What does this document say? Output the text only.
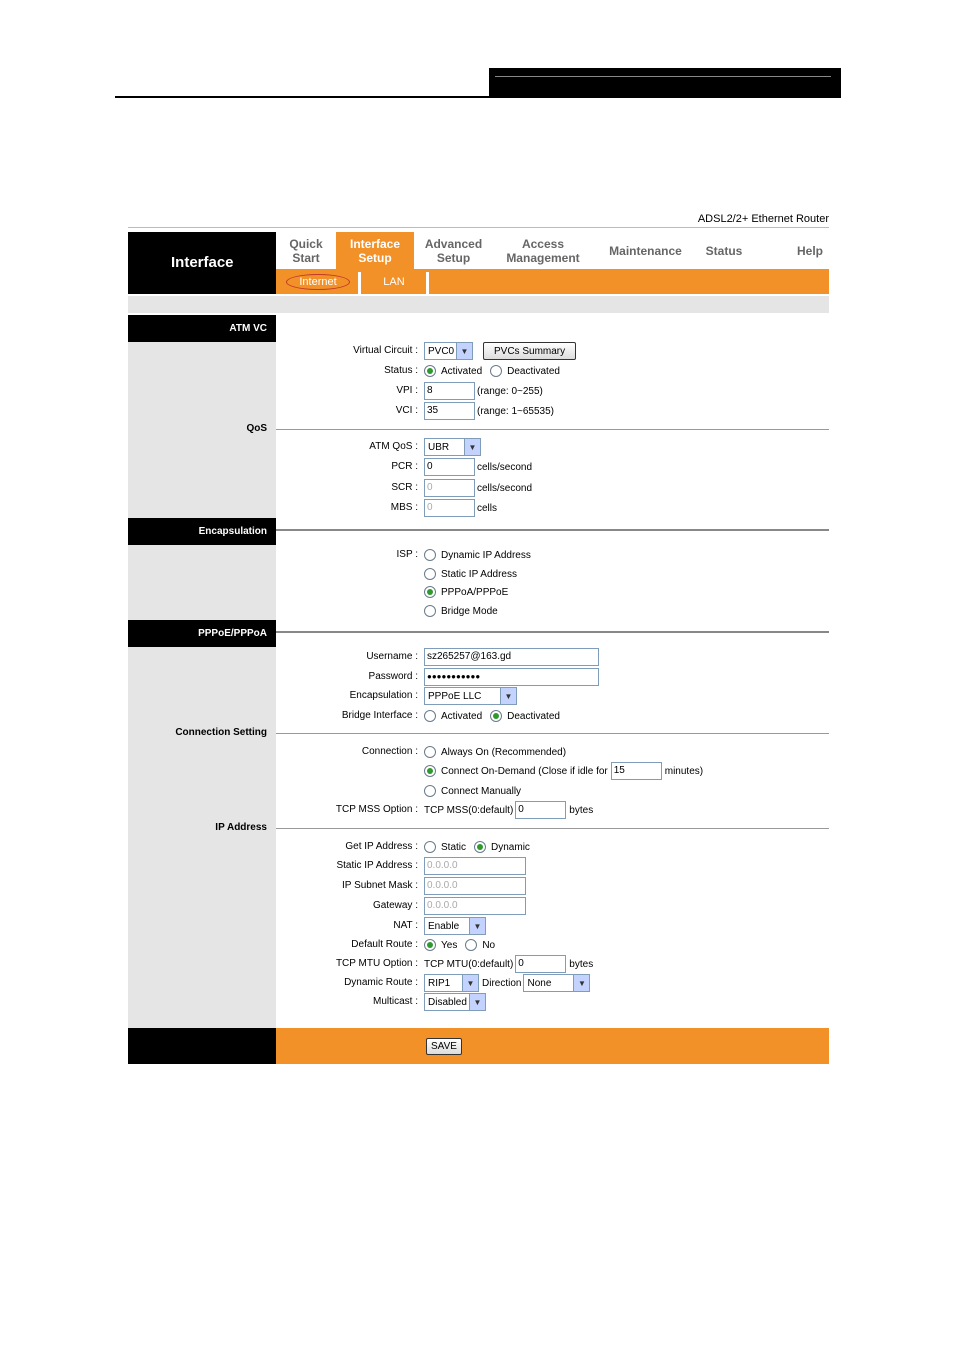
ADSL2/2+ Ethernet Router
Interface
Quick
Start
Interface
Setup
Advanced
Setup
Access
Management	Maintenance	Status	Help
Internet	LAN
ATM VC
Virtual Circuit : PVC0 ▼	PVCs Summary
Status : Activated	Deactivated
VPI : 8	(range: 0~255)
VCI : 35	(range: 1~65535)
QoS
ATM QoS : UBR	▼
PCR : 0	cells/second
SCR : 0	cells/second
MBS : 0	cells
Encapsulation
ISP : Dynamic IP Address
Static IP Address
PPPoA/PPPoE
Bridge Mode
PPPoE/PPPoA
Username : sz265257@163.gd
Password :	●●●●●●●●●●●
Encapsulation : PPPoE LLC	▼
Bridge Interface : Activated	Deactivated
Connection Setting
Connection : Always On (Recommended)
Connect On-Demand (Close if idle for 15	minutes)
Connect Manually
TCP MSS Option : TCP MSS(0:default) 0	bytes
IP Address
Get IP Address : Static	Dynamic
Static IP Address : 0.0.0.0
IP Subnet Mask : 0.0.0.0
Gateway : 0.0.0.0
NAT : Enable	▼
Default Route : Yes	No
TCP MTU Option : TCP MTU(0:default) 0	bytes
Dynamic Route : RIP1	▼ Direction None	▼
Multicast : Disabled ▼
SAVE
